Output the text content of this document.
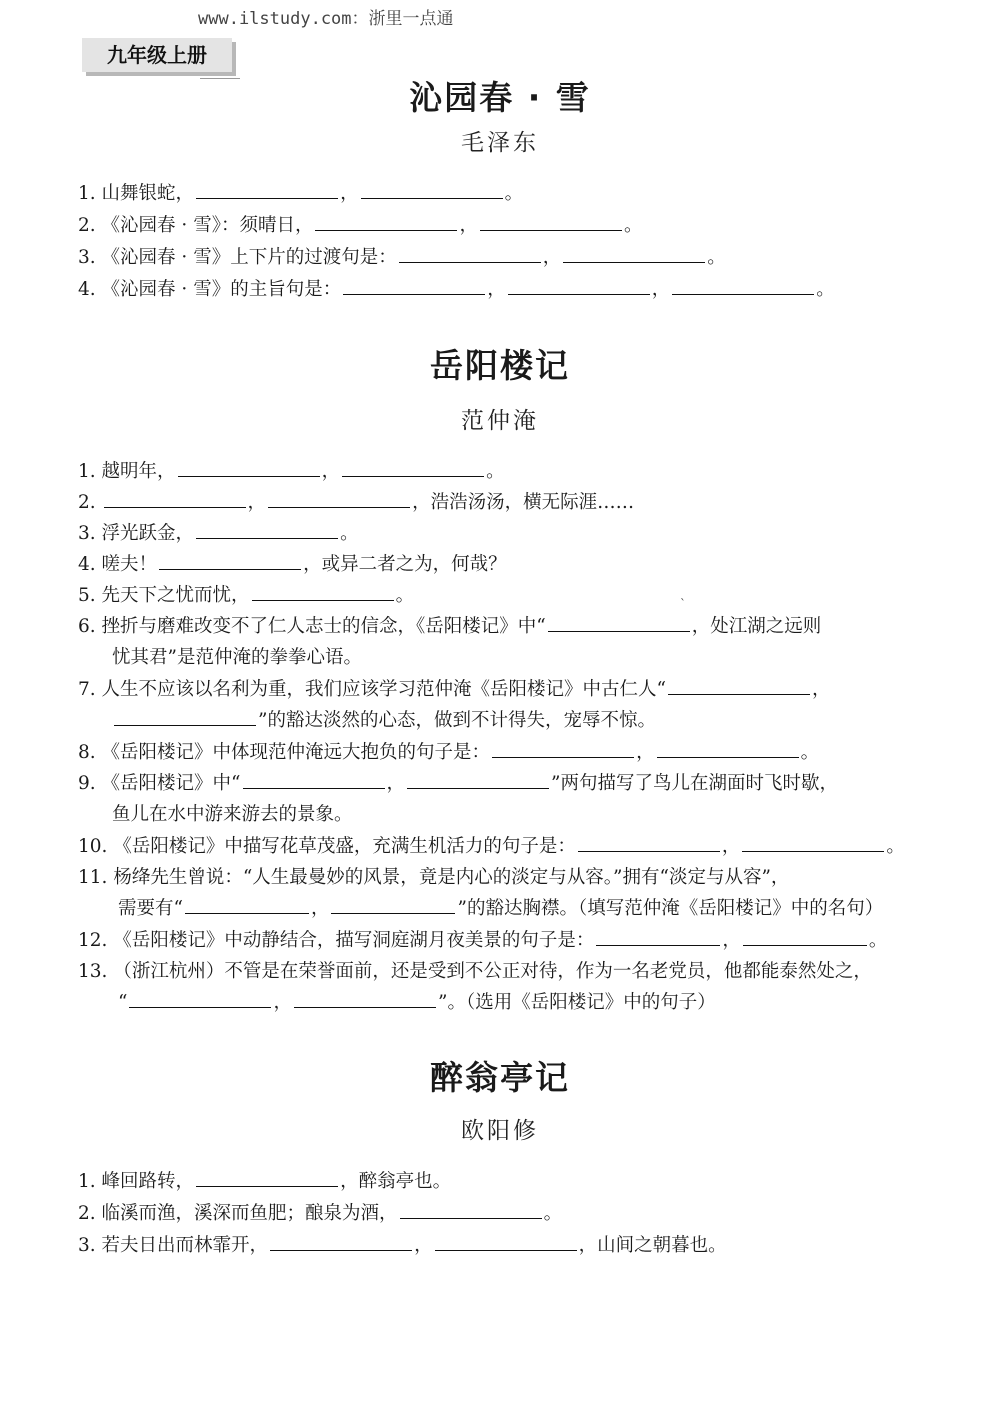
www.ilstudy.com：浙里一点通
九年级上册
沁园春 · 雪
毛泽东
1. 山舞银蛇，	，	。
2. 《沁园春 · 雪》：须晴日，	，	。
3. 《沁园春 · 雪》上下片的过渡句是：	，	。
4. 《沁园春 · 雪》的主旨句是：	，	，	。
岳阳楼记
范仲淹
1. 越明年，	，	。
2.	，	，浩浩汤汤，横无际涯……
3. 浮光跃金，	。
4. 嗟夫！	，或异二者之为，何哉？
5. 先天下之忧而忧，	。
6. 挫折与磨难改变不了仁人志士的信念，《岳阳楼记》中“	，处江湖之远则
忧其君”是范仲淹的拳拳心语。
7. 人生不应该以名利为重，我们应该学习范仲淹《岳阳楼记》中古仁人“	，
”的豁达淡然的心态，做到不计得失，宠辱不惊。
8. 《岳阳楼记》中体现范仲淹远大抱负的句子是：	，	。
9. 《岳阳楼记》中“	，	”两句描写了鸟儿在湖面时飞时歇，
鱼儿在水中游来游去的景象。
10. 《岳阳楼记》中描写花草茂盛，充满生机活力的句子是：	，	。
11. 杨绛先生曾说：“人生最曼妙的风景，竟是内心的淡定与从容。”拥有“淡定与从容”，
需要有“	，	”的豁达胸襟。（填写范仲淹《岳阳楼记》中的名句）
12. 《岳阳楼记》中动静结合，描写洞庭湖月夜美景的句子是：	，	。
13. （浙江杭州）不管是在荣誉面前，还是受到不公正对待，作为一名老党员，他都能泰然处之，
“	，	”。（选用《岳阳楼记》中的句子）
ˋ
醉翁亭记
欧阳修
1. 峰回路转，	，醉翁亭也。
2. 临溪而渔，溪深而鱼肥；酿泉为酒，	。
3. 若夫日出而林霏开，	，	，山间之朝暮也。
